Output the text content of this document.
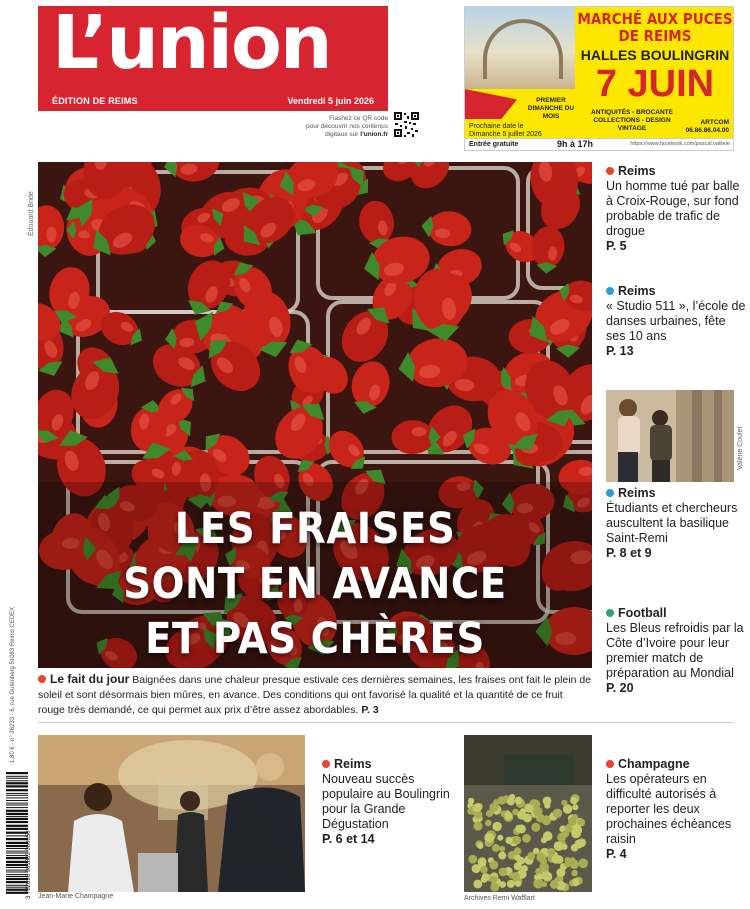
L’union
ÉDITION DE REIMS	Vendredi 5 juin 2026
Flashez ce QR code
pour découvrir nos contenus
digitaux sur l’union.fr
MARCHÉ AUX PUCES
DE REIMS
HALLES BOULINGRIN
7 JUIN
PREMIER
DIMANCHE DU MOIS
ANTIQUITÉS - BROCANTE
COLLECTIONS - DESIGN
VINTAGE
ARTCOM
06.86.86.04.00
Prochaine date le
Dimanche 5 juillet 2026
Entrée gratuite	9h à 17h	https://www.facebook.com/pascal.vallieie
LES FRAISES
SONT EN AVANCE
ET PAS CHÈRES
Édouard Bride
Le fait du jour Baignées dans une chaleur presque estivale ces dernières semaines, les fraises ont fait le plein de soleil et sont désormais bien mûres, en avance. Des conditions qui ont favorisé la qualité et la quantité de ce fruit rouge très demandé, ce qui permet aux prix d’être assez abordables. P. 3
Reims
Un homme tué par balle à Croix-Rouge, sur fond probable de trafic de drogue
P. 5
Reims
« Studio 511 », l’école de danses urbaines, fête ses 10 ans
P. 13
Valérie Coulet
Reims
Étudiants et chercheurs auscultent la basilique Saint-Remi
P. 8 et 9
Football
Les Bleus refroidis par la Côte d’Ivoire pour leur premier match de préparation au Mondial
P. 20
Jean-Marie Champagne
Reims
Nouveau succès populaire au Boulingrin pour la Grande Dégustation
P. 6 et 14
Archives Remi Wafflart
Champagne
Les opérateurs en difficulté autorisés à reporter les deux prochaines échéances raisin
P. 4
1,80 € - n° 26233 - 6, rue Gutenberg 51083 Reims CEDEX
3 782696 901803 060050
